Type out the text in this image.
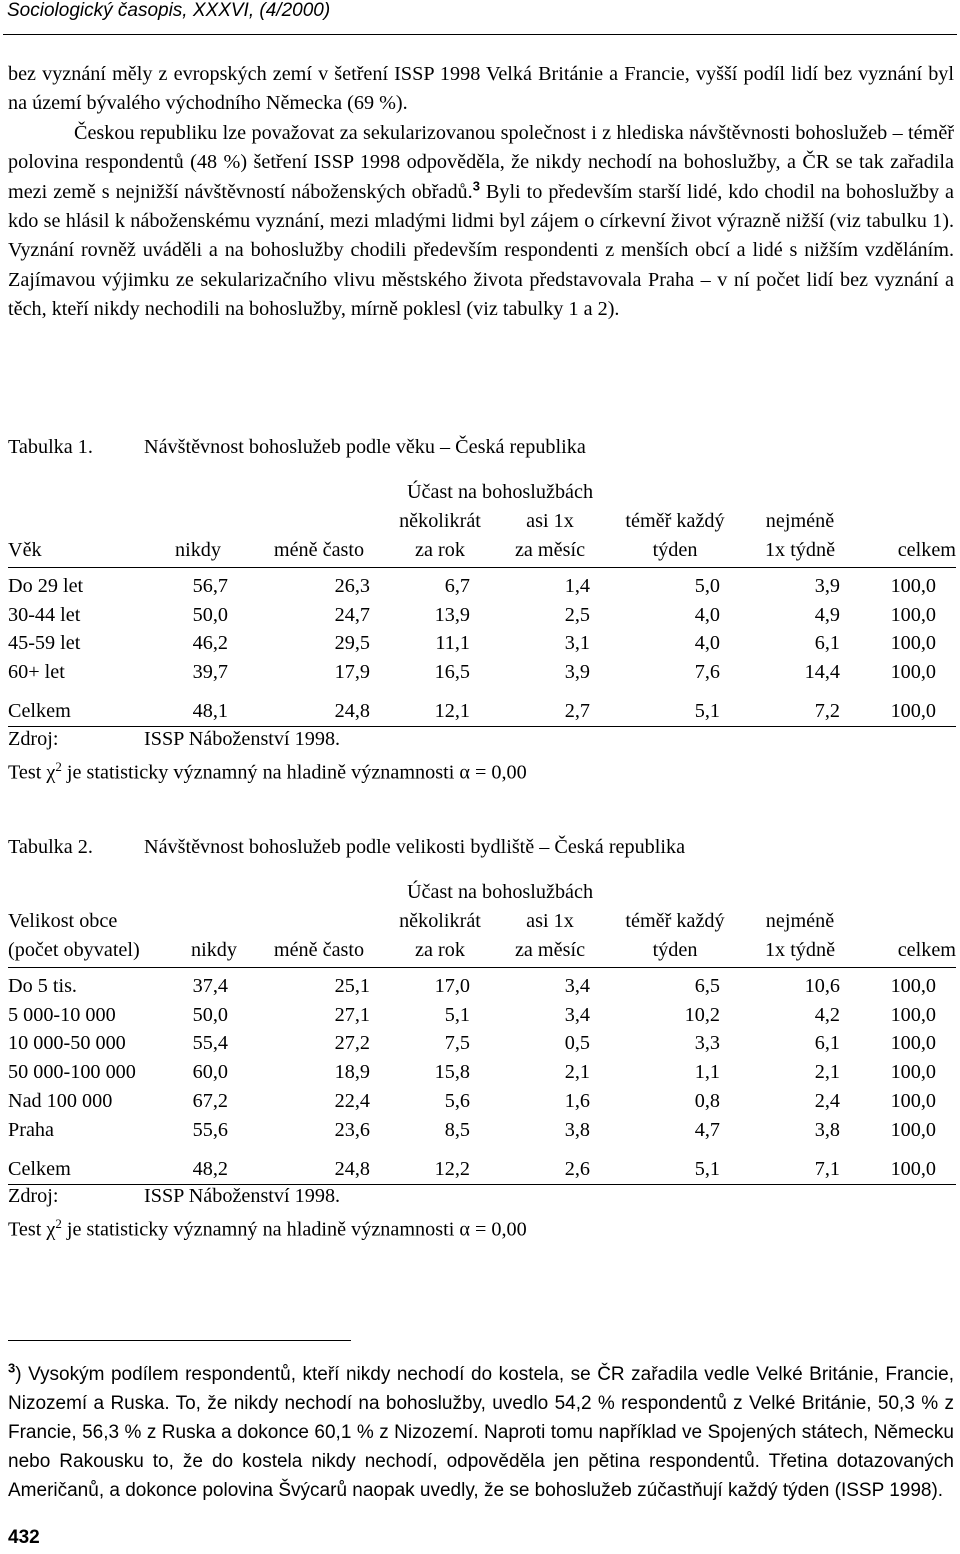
Sociologický časopis, XXXVI, (4/2000)

bez vyznání měly z evropských zemí v šetření ISSP 1998 Velká Británie a Francie, vyšší podíl lidí bez vyznání byl na území bývalého východního Německa (69 %).

Českou republiku lze považovat za sekularizovanou společnost i z hlediska návštěvnosti bohoslužeb – téměř polovina respondentů (48 %) šetření ISSP 1998 odpověděla, že nikdy nechodí na bohoslužby, a ČR se tak zařadila mezi země s nejnižší návštěvností náboženských obřadů.$^3$ Byli to především starší lidé, kdo chodil na bohoslužby a kdo se hlásil k náboženskému vyznání, mezi mladými lidmi byl zájem o církevní život výrazně nižší (viz tabulku 1). Vyznání rovněž uváděli a na bohoslužby chodili především respondenti z menších obcí a lidé s nižším vzděláním. Zajímavou výjimku ze sekularizačního vlivu městského života představovala Praha – v ní počet lidí bez vyznání a těch, kteří nikdy nechodili na bohoslužby, mírně poklesl (viz tabulky 1 a 2).

Tabulka 1.	Návštěvnost bohoslužeb podle věku – Česká republika
			Účast na bohoslužbách				
			několikrát	asi 1x	téměř každý	nejméně	
Věk	nikdy	méně často	za rok	za měsíc	týden	1x týdně	celkem
Do 29 let	56,7	26,3	6,7	1,4	5,0	3,9	100,0
30-44 let	50,0	24,7	13,9	2,5	4,0	4,9	100,0
45-59 let	46,2	29,5	11,1	3,1	4,0	6,1	100,0
60+ let	39,7	17,9	16,5	3,9	7,6	14,4	100,0
Celkem	48,1	24,8	12,1	2,7	5,1	7,2	100,0
Zdroj:	ISSP Náboženství 1998.
Test $\chi^2$ je statisticky významný na hladině významnosti α = 0,00
Tabulka 2.	Návštěvnost bohoslužeb podle velikosti bydliště – Česká republika
			Účast na bohoslužbách				
Velikost obce			několikrát	asi 1x	téměř každý	nejméně	
(počet obyvatel)	nikdy	méně často	za rok	za měsíc	týden	1x týdně	celkem
Do 5 tis.	37,4	25,1	17,0	3,4	6,5	10,6	100,0
5 000-10 000	50,0	27,1	5,1	3,4	10,2	4,2	100,0
10 000-50 000	55,4	27,2	7,5	0,5	3,3	6,1	100,0
50 000-100 000	60,0	18,9	15,8	2,1	1,1	2,1	100,0
Nad 100 000	67,2	22,4	5,6	1,6	0,8	2,4	100,0
Praha	55,6	23,6	8,5	3,8	4,7	3,8	100,0
Celkem	48,2	24,8	12,2	2,6	5,1	7,1	100,0
Zdroj:	ISSP Náboženství 1998.
Test $\chi^2$ je statisticky významný na hladině významnosti α = 0,00
$^3$) Vysokým podílem respondentů, kteří nikdy nechodí do kostela, se ČR zařadila vedle Velké Británie, Francie, Nizozemí a Ruska. To, že nikdy nechodí na bohoslužby, uvedlo 54,2 % respondentů z Velké Británie, 50,3 % z Francie, 56,3 % z Ruska a dokonce 60,1 % z Nizozemí. Naproti tomu například ve Spojených státech, Německu nebo Rakousku to, že do kostela nikdy nechodí, odpověděla jen pětina respondentů. Třetina dotazovaných Američanů, a dokonce polovina Švýcarů naopak uvedly, že se bohoslužeb zúčastňují každý týden (ISSP 1998).
432
